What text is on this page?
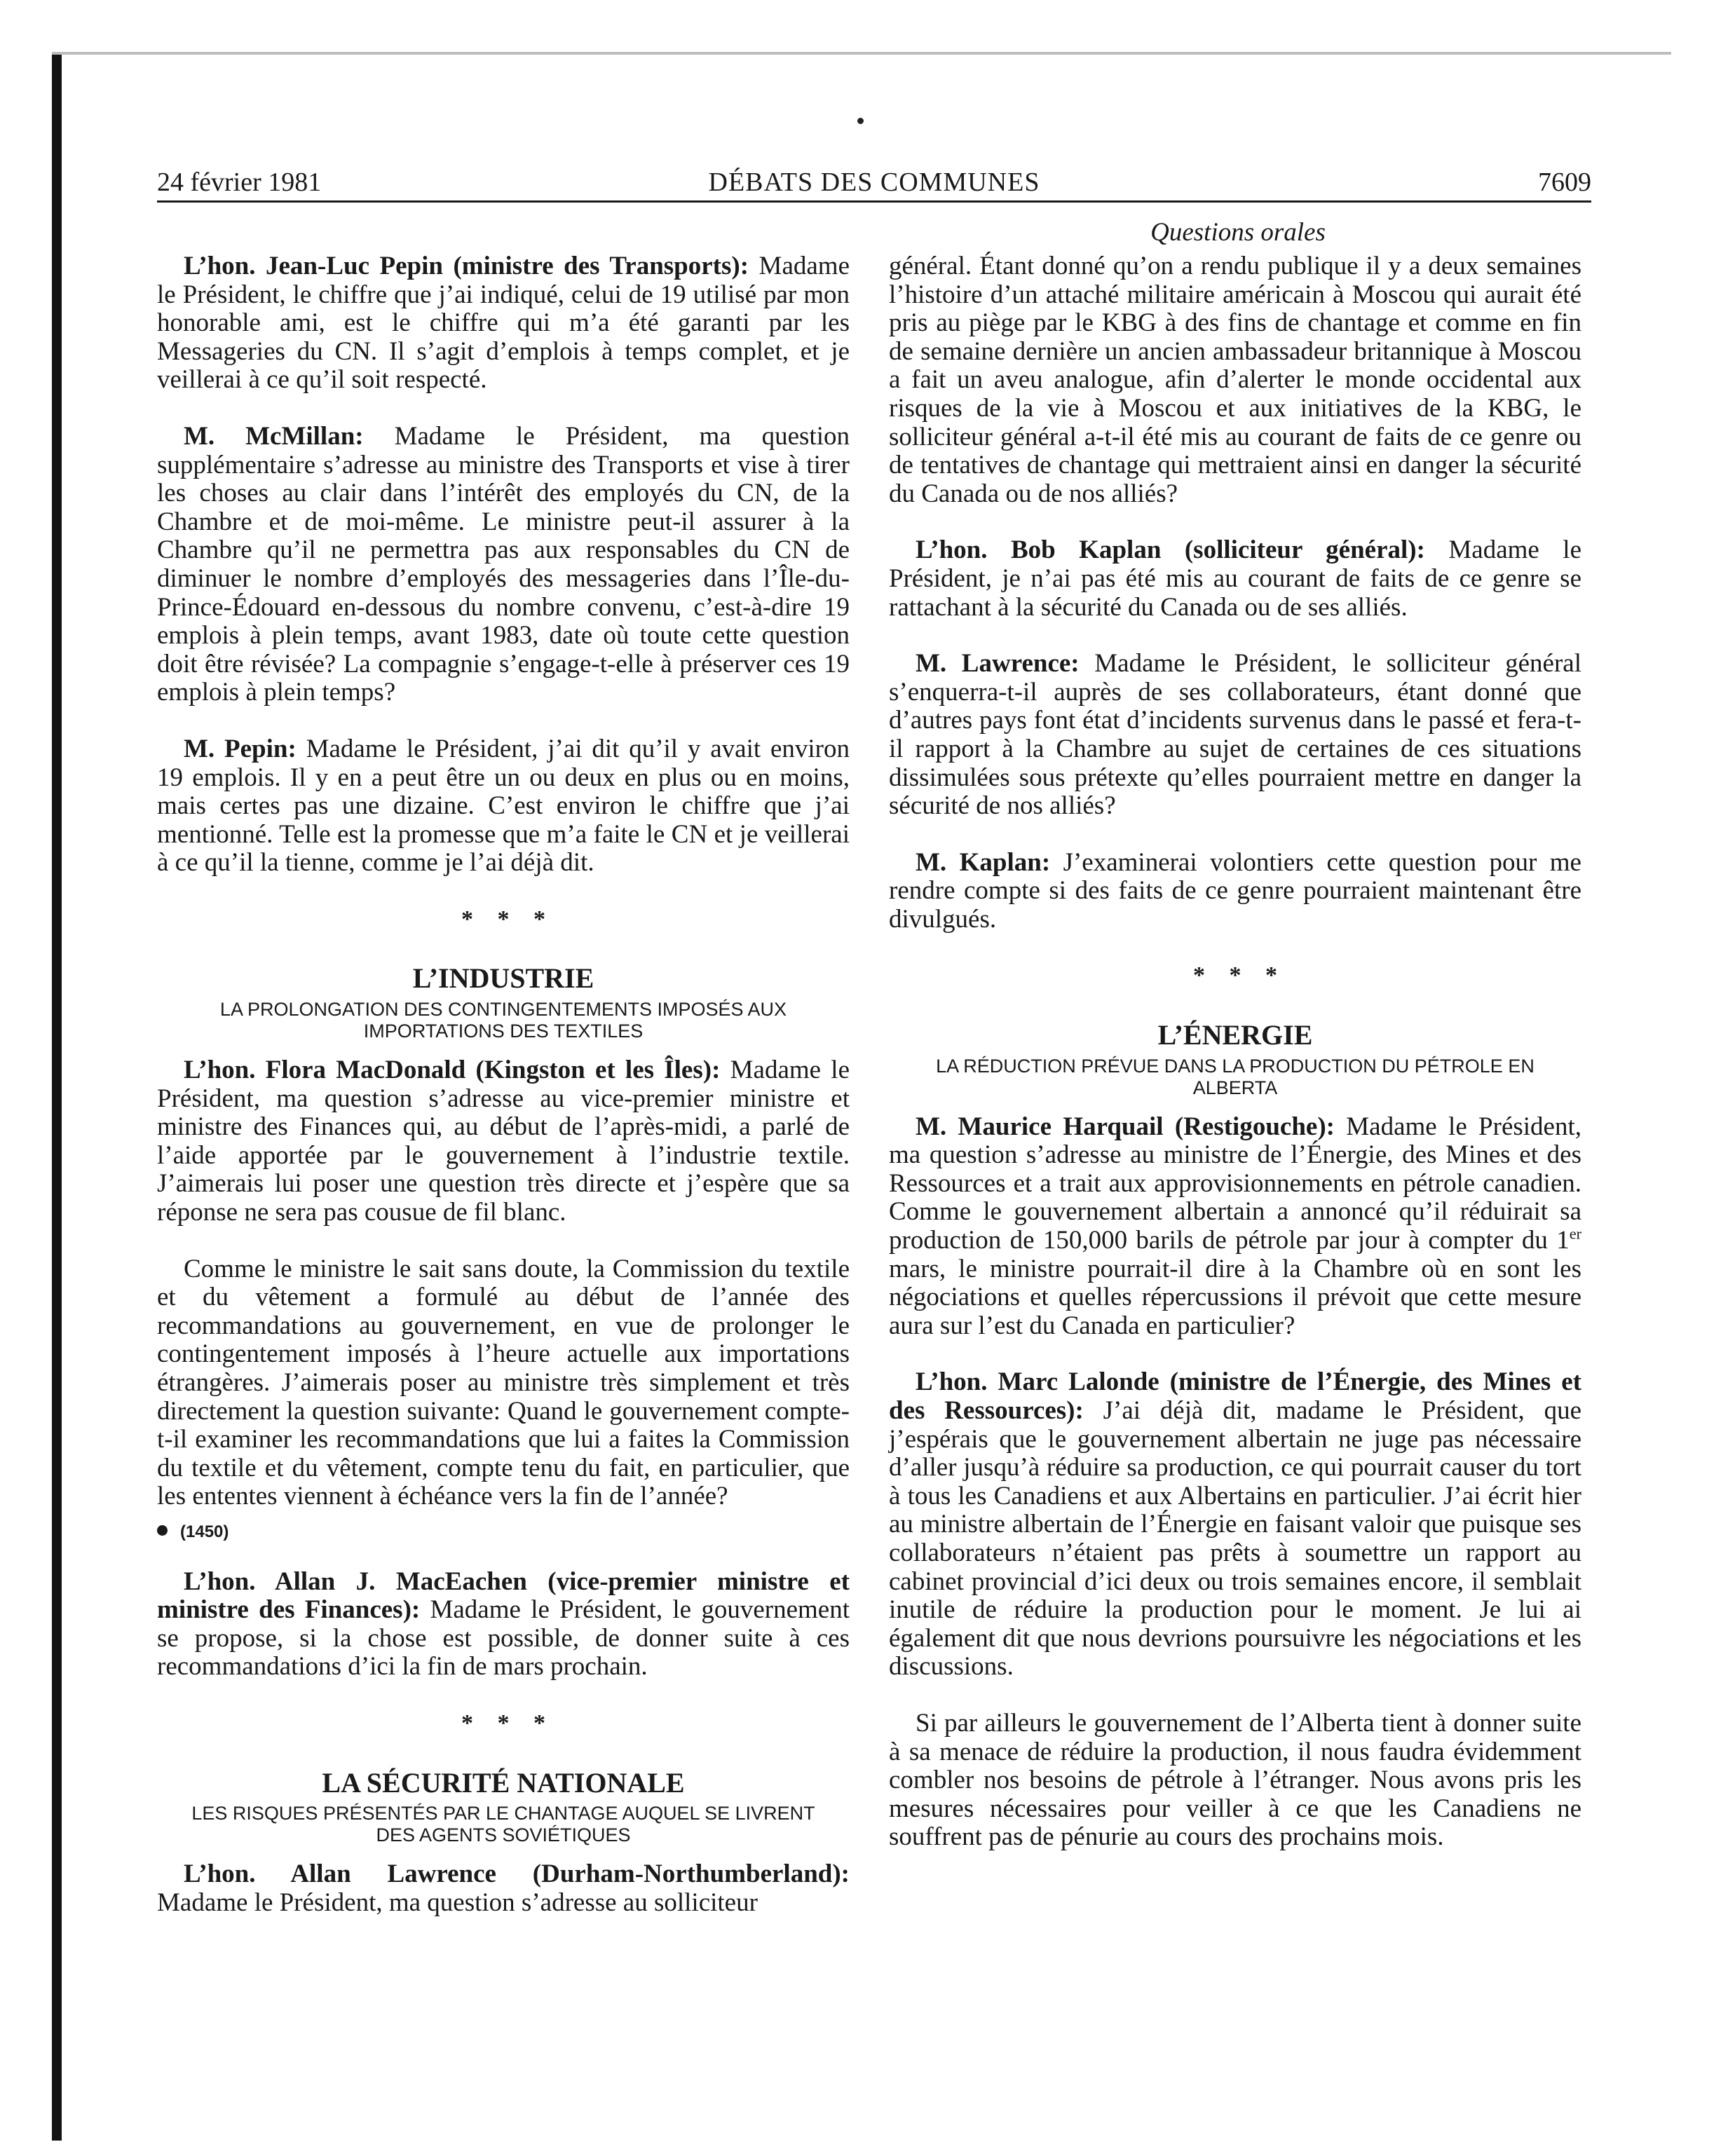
DÉBATS DES COMMUNES
24 février 1981	7609
Questions orales

L’hon. Jean-Luc Pepin (ministre des Transports): Madame le Président, le chiffre que j’ai indiqué, celui de 19 utilisé par mon honorable ami, est le chiffre qui m’a été garanti par les Messageries du CN. Il s’agit d’emplois à temps complet, et je veillerai à ce qu’il soit respecté.

M. McMillan: Madame le Président, ma question supplémentaire s’adresse au ministre des Transports et vise à tirer les choses au clair dans l’intérêt des employés du CN, de la Chambre et de moi-même. Le ministre peut-il assurer à la Chambre qu’il ne permettra pas aux responsables du CN de diminuer le nombre d’employés des messageries dans l’Île-du-Prince-Édouard en-dessous du nombre convenu, c’est-à-dire 19 emplois à plein temps, avant 1983, date où toute cette question doit être révisée? La compagnie s’engage-t-elle à préserver ces 19 emplois à plein temps?

M. Pepin: Madame le Président, j’ai dit qu’il y avait environ 19 emplois. Il y en a peut être un ou deux en plus ou en moins, mais certes pas une dizaine. C’est environ le chiffre que j’ai mentionné. Telle est la promesse que m’a faite le CN et je veillerai à ce qu’il la tienne, comme je l’ai déjà dit.

* * *
L’INDUSTRIE
LA PROLONGATION DES CONTINGENTEMENTS IMPOSÉS AUX IMPORTATIONS DES TEXTILES

L’hon. Flora MacDonald (Kingston et les Îles): Madame le Président, ma question s’adresse au vice-premier ministre et ministre des Finances qui, au début de l’après-midi, a parlé de l’aide apportée par le gouvernement à l’industrie textile. J’aimerais lui poser une question très directe et j’espère que sa réponse ne sera pas cousue de fil blanc.

Comme le ministre le sait sans doute, la Commission du textile et du vêtement a formulé au début de l’année des recommandations au gouvernement, en vue de prolonger le contingentement imposés à l’heure actuelle aux importations étrangères. J’aimerais poser au ministre très simplement et très directement la question suivante: Quand le gouvernement compte-t-il examiner les recommandations que lui a faites la Commission du textile et du vêtement, compte tenu du fait, en particulier, que les ententes viennent à échéance vers la fin de l’année?

(1450)

L’hon. Allan J. MacEachen (vice-premier ministre et ministre des Finances): Madame le Président, le gouvernement se propose, si la chose est possible, de donner suite à ces recommandations d’ici la fin de mars prochain.

* * *
LA SÉCURITÉ NATIONALE
LES RISQUES PRÉSENTÉS PAR LE CHANTAGE AUQUEL SE LIVRENT DES AGENTS SOVIÉTIQUES

L’hon. Allan Lawrence (Durham-Northumberland): Madame le Président, ma question s’adresse au solliciteur

général. Étant donné qu’on a rendu publique il y a deux semaines l’histoire d’un attaché militaire américain à Moscou qui aurait été pris au piège par le KBG à des fins de chantage et comme en fin de semaine dernière un ancien ambassadeur britannique à Moscou a fait un aveu analogue, afin d’alerter le monde occidental aux risques de la vie à Moscou et aux initiatives de la KBG, le solliciteur général a-t-il été mis au courant de faits de ce genre ou de tentatives de chantage qui mettraient ainsi en danger la sécurité du Canada ou de nos alliés?

L’hon. Bob Kaplan (solliciteur général): Madame le Président, je n’ai pas été mis au courant de faits de ce genre se rattachant à la sécurité du Canada ou de ses alliés.

M. Lawrence: Madame le Président, le solliciteur général s’enquerra-t-il auprès de ses collaborateurs, étant donné que d’autres pays font état d’incidents survenus dans le passé et fera-t-il rapport à la Chambre au sujet de certaines de ces situations dissimulées sous prétexte qu’elles pourraient mettre en danger la sécurité de nos alliés?

M. Kaplan: J’examinerai volontiers cette question pour me rendre compte si des faits de ce genre pourraient maintenant être divulgués.

* * *
L’ÉNERGIE
LA RÉDUCTION PRÉVUE DANS LA PRODUCTION DU PÉTROLE EN ALBERTA

M. Maurice Harquail (Restigouche): Madame le Président, ma question s’adresse au ministre de l’Énergie, des Mines et des Ressources et a trait aux approvisionnements en pétrole canadien. Comme le gouvernement albertain a annoncé qu’il réduirait sa production de 150,000 barils de pétrole par jour à compter du 1er mars, le ministre pourrait-il dire à la Chambre où en sont les négociations et quelles répercussions il prévoit que cette mesure aura sur l’est du Canada en particulier?

L’hon. Marc Lalonde (ministre de l’Énergie, des Mines et des Ressources): J’ai déjà dit, madame le Président, que j’espérais que le gouvernement albertain ne juge pas nécessaire d’aller jusqu’à réduire sa production, ce qui pourrait causer du tort à tous les Canadiens et aux Albertains en particulier. J’ai écrit hier au ministre albertain de l’Énergie en faisant valoir que puisque ses collaborateurs n’étaient pas prêts à soumettre un rapport au cabinet provincial d’ici deux ou trois semaines encore, il semblait inutile de réduire la production pour le moment. Je lui ai également dit que nous devrions poursuivre les négociations et les discussions.

Si par ailleurs le gouvernement de l’Alberta tient à donner suite à sa menace de réduire la production, il nous faudra évidemment combler nos besoins de pétrole à l’étranger. Nous avons pris les mesures nécessaires pour veiller à ce que les Canadiens ne souffrent pas de pénurie au cours des prochains mois.
